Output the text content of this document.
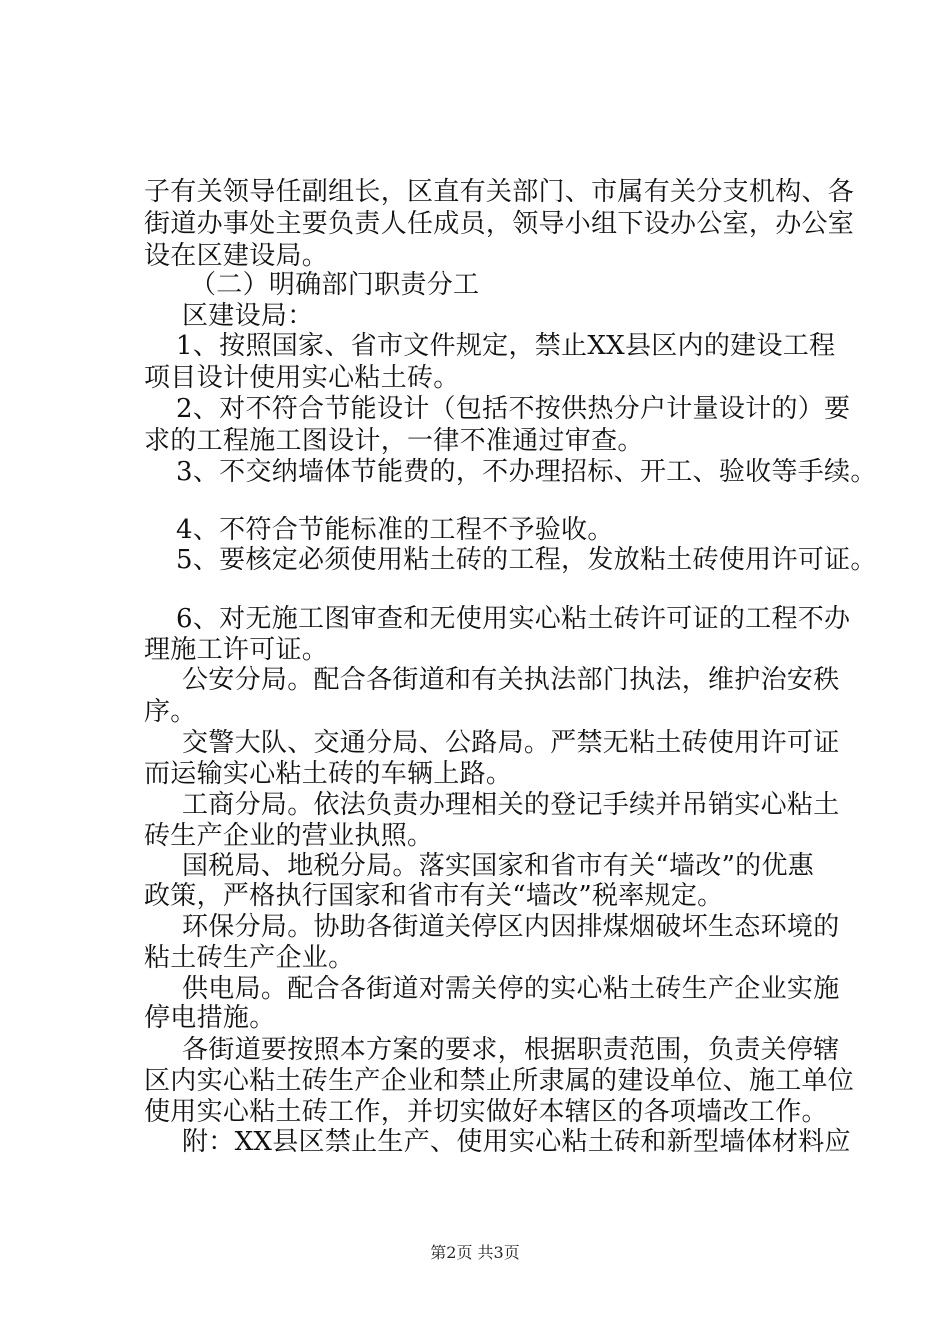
子有关领导任副组长，区直有关部门、市属有关分支机构、各
街道办事处主要负责人任成员，领导小组下设办公室，办公室
设在区建设局。
（二）明确部门职责分工
区建设局：
1、按照国家、省市文件规定，禁止XX县区内的建设工程
项目设计使用实心粘土砖。
2、对不符合节能设计（包括不按供热分户计量设计的）要
求的工程施工图设计，一律不准通过审查。
3、不交纳墙体节能费的，不办理招标、开工、验收等手续。
4、不符合节能标准的工程不予验收。
5、要核定必须使用粘土砖的工程，发放粘土砖使用许可证。
6、对无施工图审查和无使用实心粘土砖许可证的工程不办
理施工许可证。
公安分局。配合各街道和有关执法部门执法，维护治安秩
序。
交警大队、交通分局、公路局。严禁无粘土砖使用许可证
而运输实心粘土砖的车辆上路。
工商分局。依法负责办理相关的登记手续并吊销实心粘土
砖生产企业的营业执照。
国税局、地税分局。落实国家和省市有关“墙改”的优惠
政策，严格执行国家和省市有关“墙改”税率规定。
环保分局。协助各街道关停区内因排煤烟破坏生态环境的
粘土砖生产企业。
供电局。配合各街道对需关停的实心粘土砖生产企业实施
停电措施。
各街道要按照本方案的要求，根据职责范围，负责关停辖
区内实心粘土砖生产企业和禁止所隶属的建设单位、施工单位
使用实心粘土砖工作，并切实做好本辖区的各项墙改工作。
附：XX县区禁止生产、使用实心粘土砖和新型墙体材料应
第2页 共3页
